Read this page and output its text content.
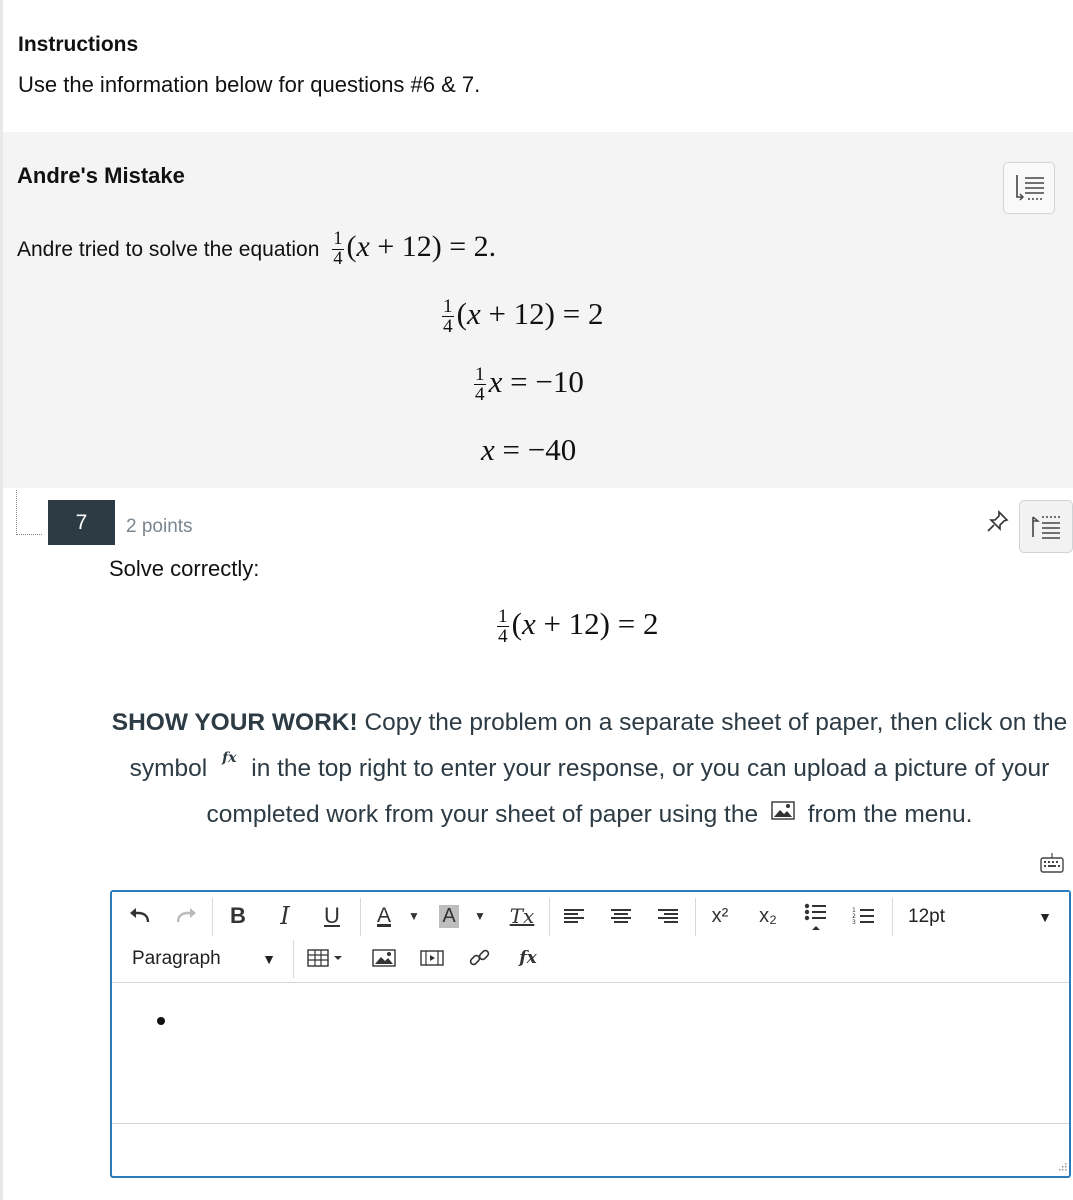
Instructions
Use the information below for questions #6 & 7.
Andre's Mistake
Andre tried to solve the equation $\frac{1}{4} (x + 12) = 2$.
$\frac{1}{4} (x + 12) = 2$
$\frac{1}{4}$ x = −10
x = −40
7	2 points
Solve correctly:
$\frac{1}{4} (x + 12) = 2$
SHOW YOUR WORK! Copy the problem on a separate sheet of paper, then click on the symbol fx in the top right to enter your response, or you can upload a picture of your completed work from your sheet of paper using the  from the menu.
B	I	U	A	▼	A	▼	Tx	x²	x₂	1
2
3	12pt	▼
Paragraph	▼	fx
